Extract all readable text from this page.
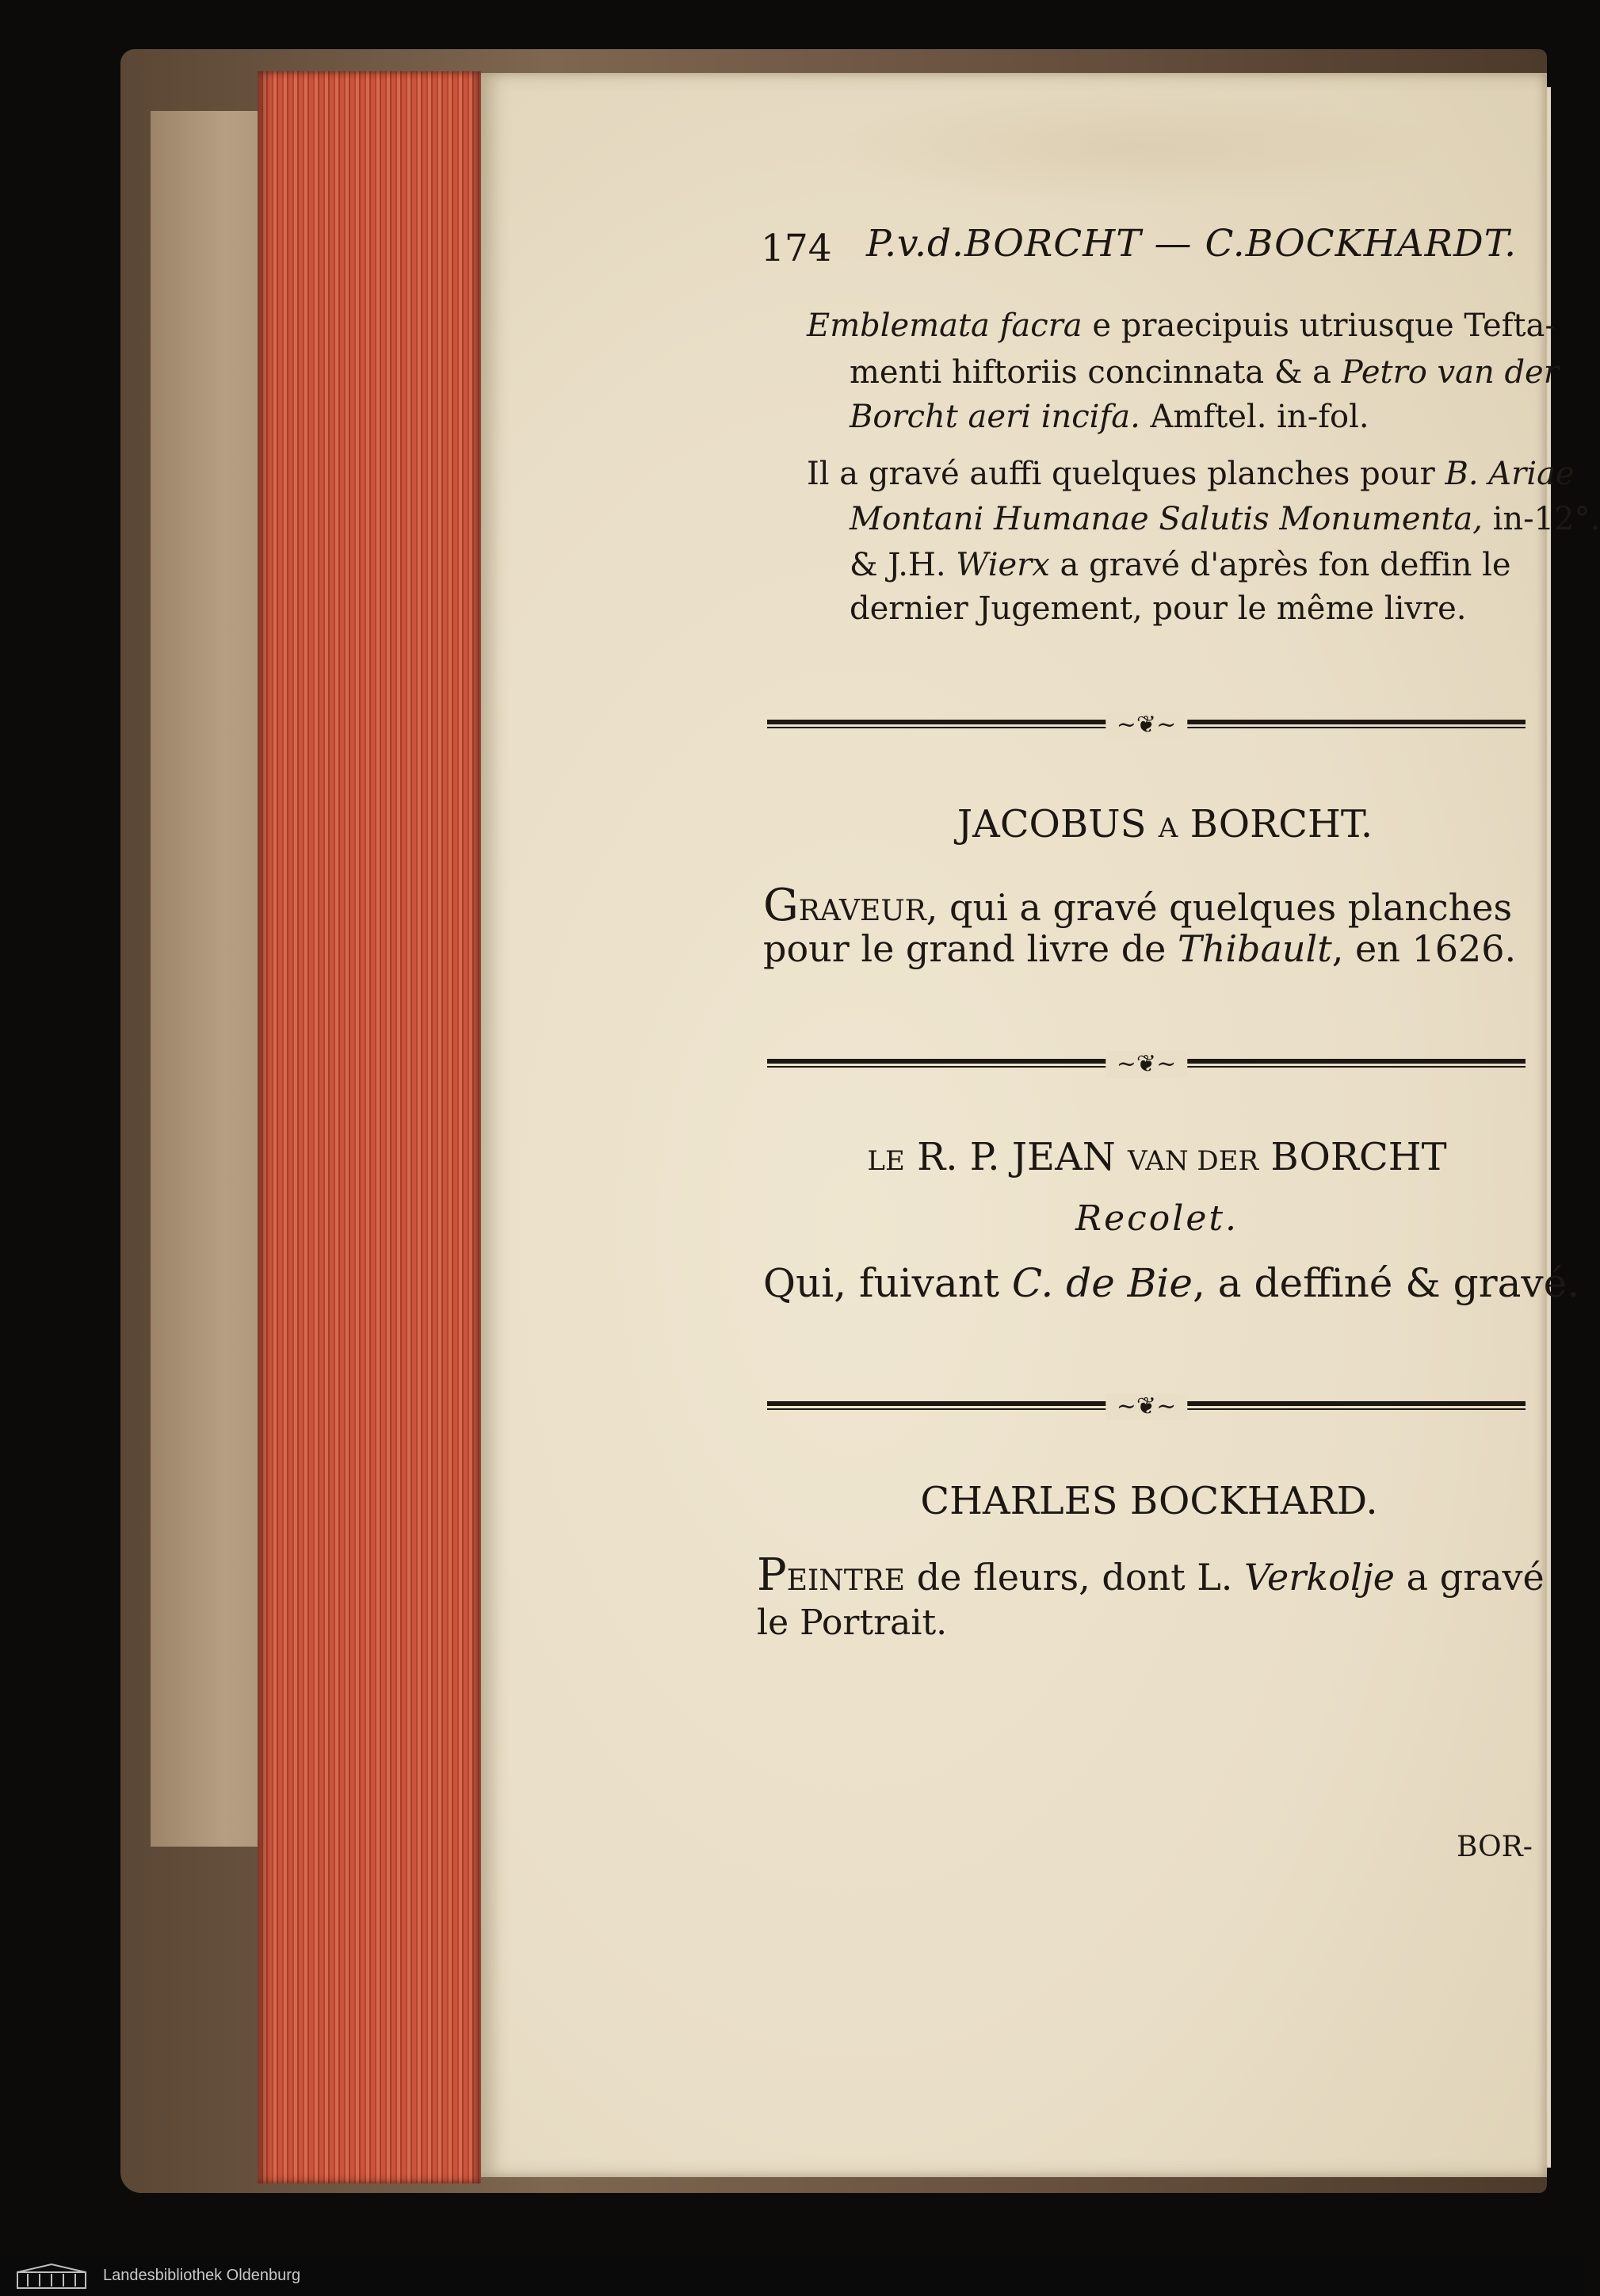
174 P.v.d.BORCHT — C.BOCKHARDT.
Emblemata facra e praecipuis utriusque Tefta-
menti hiftoriis concinnata & a Petro van der
Borcht aeri incifa. Amftel. in-fol.
Il a gravé auffi quelques planches pour B. Ariae
Montani Humanae Salutis Monumenta, in-12°.
& J.H. Wierx a gravé d'après fon deffin le
dernier Jugement, pour le même livre.
~❦~
JACOBUS A BORCHT.
GRAVEUR, qui a gravé quelques planches
pour le grand livre de Thibault, en 1626.
~❦~
LE R. P. JEAN VAN DER BORCHT
Recolet.
Qui, fuivant C. de Bie, a deffiné & gravé.
~❦~
CHARLES BOCKHARD.
PEINTRE de fleurs, dont L. Verkolje a gravé
le Portrait.
BOR-
Landesbibliothek Oldenburg
